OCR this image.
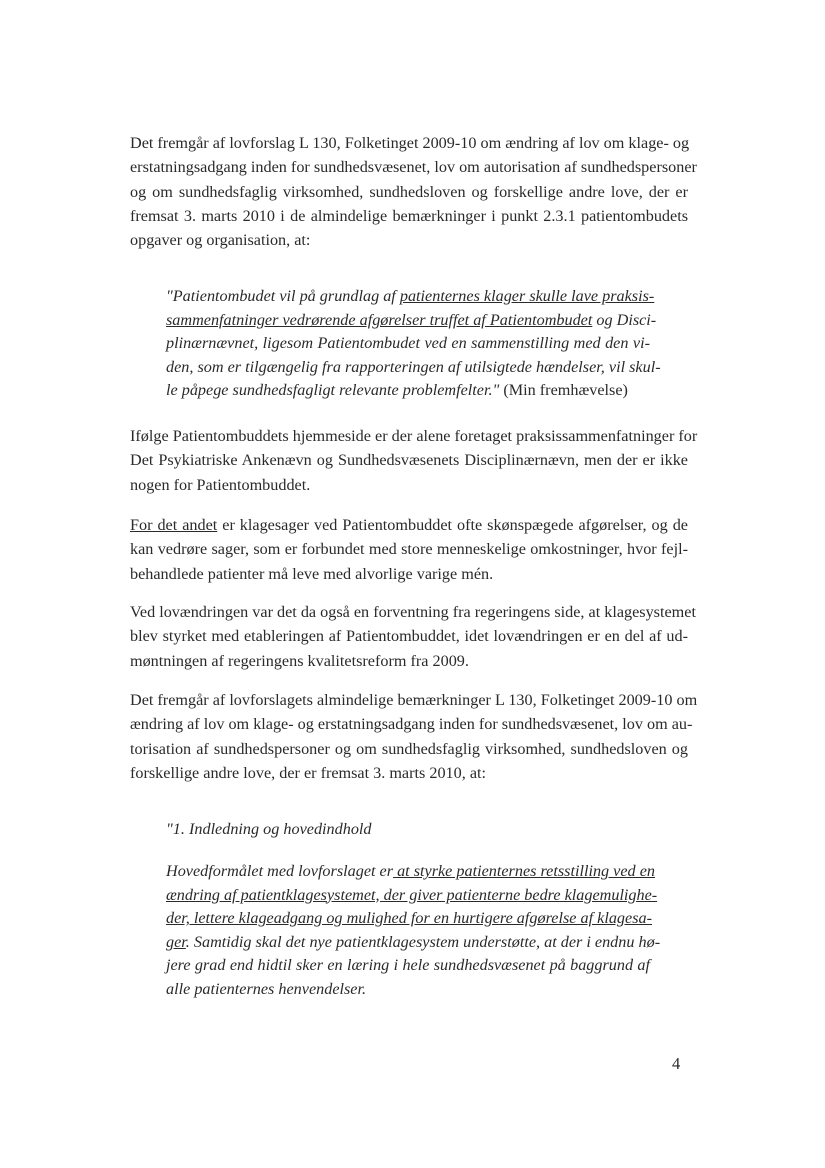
Det fremgår af lovforslag L 130, Folketinget 2009-10 om ændring af lov om klage- og
erstatningsadgang inden for sundhedsvæsenet, lov om autorisation af sundhedspersoner
og om sundhedsfaglig virksomhed, sundhedsloven og forskellige andre love, der er
fremsat 3. marts 2010 i de almindelige bemærkninger i punkt 2.3.1 patientombudets
opgaver og organisation, at:

"Patientombudet vil på grundlag af patienternes klager skulle lave praksis-
sammenfatninger vedrørende afgørelser truffet af Patientombudet og Disci-
plinærnævnet, ligesom Patientombudet ved en sammenstilling med den vi-
den, som er tilgængelig fra rapporteringen af utilsigtede hændelser, vil skul-
le påpege sundhedsfagligt relevante problemfelter." (Min fremhævelse)

Ifølge Patientombuddets hjemmeside er der alene foretaget praksissammenfatninger for
Det Psykiatriske Ankenævn og Sundhedsvæsenets Disciplinærnævn, men der er ikke
nogen for Patientombuddet.

For det andet er klagesager ved Patientombuddet ofte skønspægede afgørelser, og de
kan vedrøre sager, som er forbundet med store menneskelige omkostninger, hvor fejl-
behandlede patienter må leve med alvorlige varige mén.

Ved lovændringen var det da også en forventning fra regeringens side, at klagesystemet
blev styrket med etableringen af Patientombuddet, idet lovændringen er en del af ud-
møntningen af regeringens kvalitetsreform fra 2009.

Det fremgår af lovforslagets almindelige bemærkninger L 130, Folketinget 2009-10 om
ændring af lov om klage- og erstatningsadgang inden for sundhedsvæsenet, lov om au-
torisation af sundhedspersoner og om sundhedsfaglig virksomhed, sundhedsloven og
forskellige andre love, der er fremsat 3. marts 2010, at:

"1. Indledning og hovedindhold

Hovedformålet med lovforslaget er at styrke patienternes retsstilling ved en
ændring af patientklagesystemet, der giver patienterne bedre klagemulighe-
der, lettere klageadgang og mulighed for en hurtigere afgørelse af klagesa-
ger. Samtidig skal det nye patientklagesystem understøtte, at der i endnu hø-
jere grad end hidtil sker en læring i hele sundhedsvæsenet på baggrund af
alle patienternes henvendelser.

4
